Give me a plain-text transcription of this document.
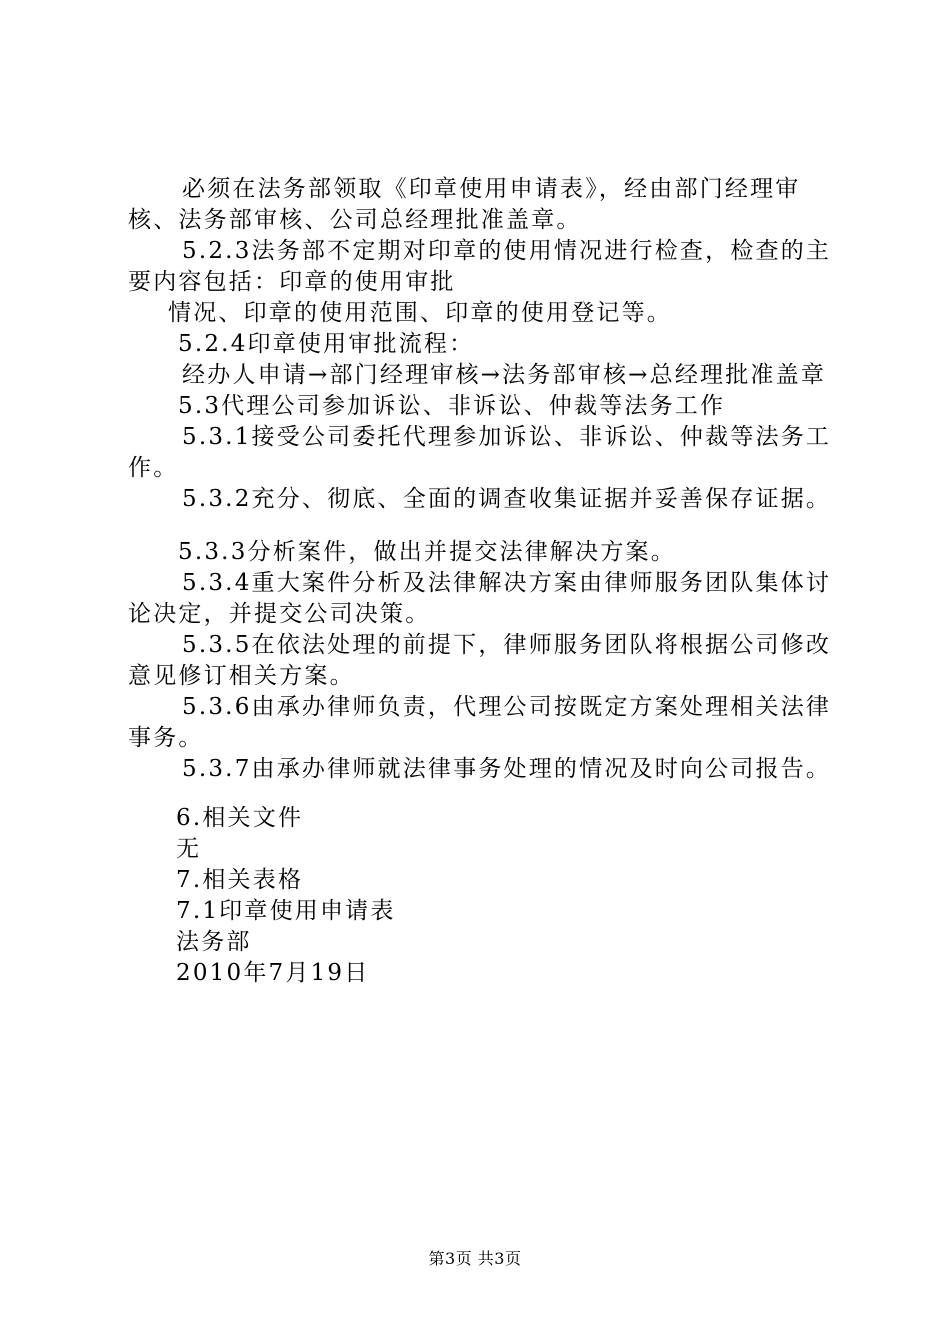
必须在法务部领取《印章使用申请表》，经由部门经理审核、法务部审核、公司总经理批准盖章。

5.2.3法务部不定期对印章的使用情况进行检查，检查的主要内容包括：印章的使用审批

情况、印章的使用范围、印章的使用登记等。

5.2.4印章使用审批流程：

经办人申请→部门经理审核→法务部审核→总经理批准盖章

5.3代理公司参加诉讼、非诉讼、仲裁等法务工作

5.3.1接受公司委托代理参加诉讼、非诉讼、仲裁等法务工作。

5.3.2充分、彻底、全面的调查收集证据并妥善保存证据。

5.3.3分析案件，做出并提交法律解决方案。

5.3.4重大案件分析及法律解决方案由律师服务团队集体讨论决定，并提交公司决策。

5.3.5在依法处理的前提下，律师服务团队将根据公司修改意见修订相关方案。

5.3.6由承办律师负责，代理公司按既定方案处理相关法律事务。

5.3.7由承办律师就法律事务处理的情况及时向公司报告。

6.相关文件

无

7.相关表格

7.1印章使用申请表

法务部

2010年7月19日

第3页 共3页
